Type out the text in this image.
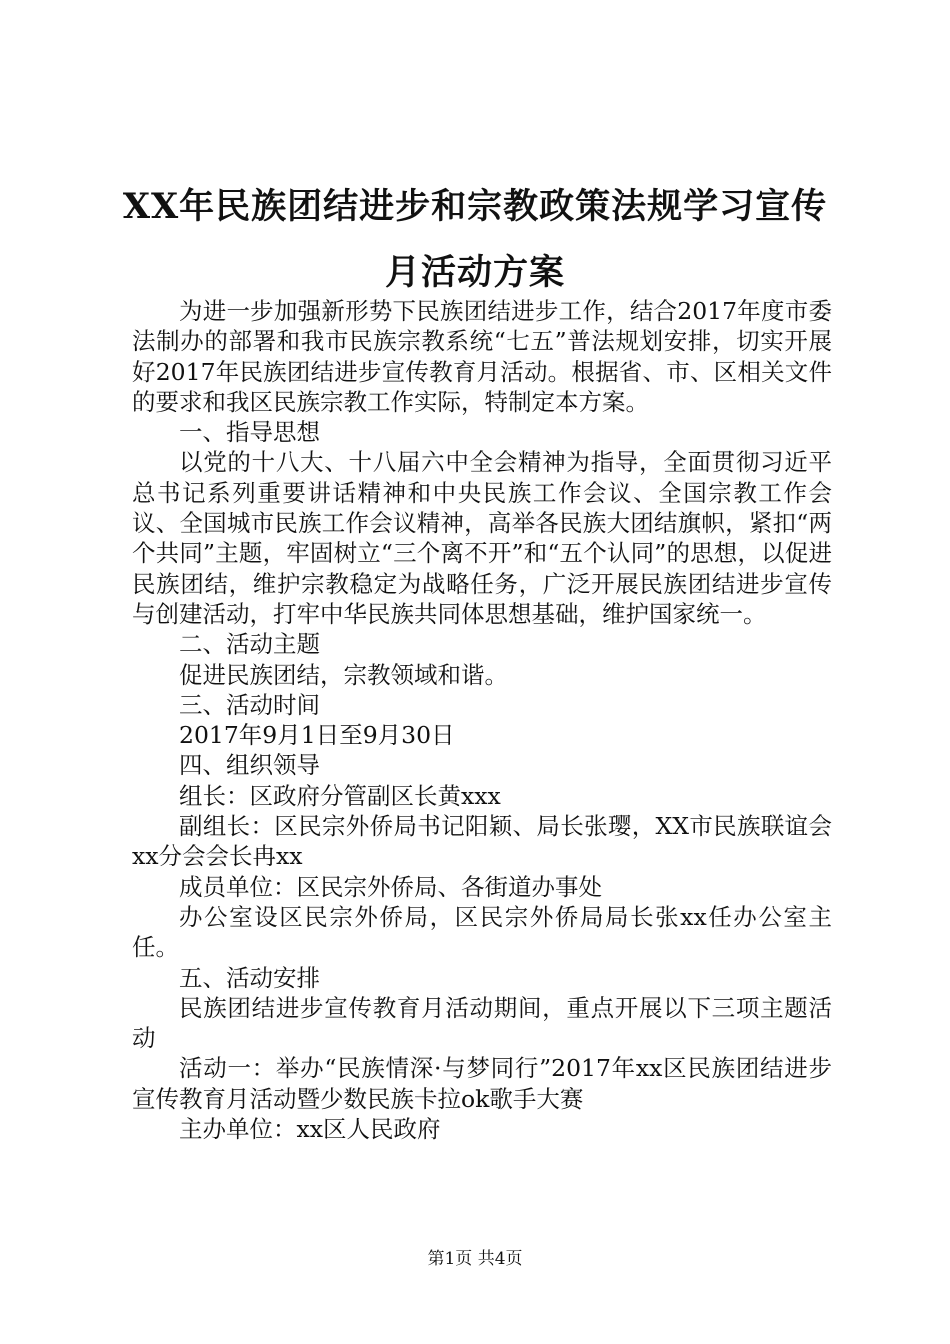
XX年民族团结进步和宗教政策法规学习宣传
月活动方案

为进一步加强新形势下民族团结进步工作，结合2017年度市委法制办的部署和我市民族宗教系统“七五”普法规划安排，切实开展好2017年民族团结进步宣传教育月活动。根据省、市、区相关文件的要求和我区民族宗教工作实际，特制定本方案。

一、指导思想

以党的十八大、十八届六中全会精神为指导，全面贯彻习近平总书记系列重要讲话精神和中央民族工作会议、全国宗教工作会议、全国城市民族工作会议精神，高举各民族大团结旗帜，紧扣“两个共同”主题，牢固树立“三个离不开”和“五个认同”的思想，以促进民族团结，维护宗教稳定为战略任务，广泛开展民族团结进步宣传与创建活动，打牢中华民族共同体思想基础，维护国家统一。

二、活动主题

促进民族团结，宗教领域和谐。

三、活动时间

2017年9月1日至9月30日

四、组织领导

组长：区政府分管副区长黄xxx

副组长：区民宗外侨局书记阳颖、局长张璎，XX市民族联谊会xx分会会长冉xx

成员单位：区民宗外侨局、各街道办事处

办公室设区民宗外侨局，区民宗外侨局局长张xx任办公室主任。

五、活动安排

民族团结进步宣传教育月活动期间，重点开展以下三项主题活动

活动一：举办“民族情深·与梦同行”2017年xx区民族团结进步宣传教育月活动暨少数民族卡拉ok歌手大赛

主办单位：xx区人民政府

第1页 共4页
